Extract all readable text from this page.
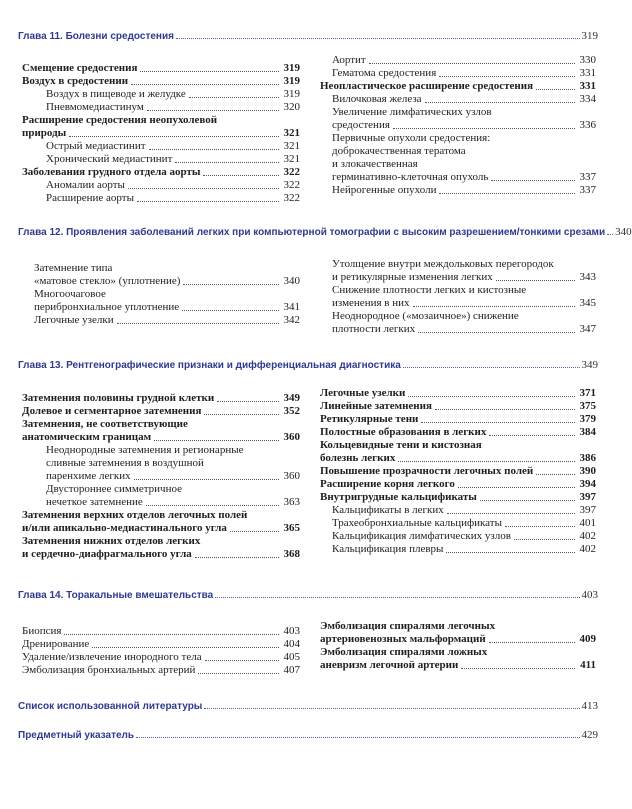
Глава 11. Болезни средостения	319
Смещение средостения	319
Воздух в средостении	319
Воздух в пищеводе и желудке	319
Пневмомедиастинум	320
Расширение средостения неопухолевой
природы	321
Острый медиастинит	321
Хронический медиастинит	321
Заболевания грудного отдела аорты	322
Аномалии аорты	322
Расширение аорты	322
Аортит	330
Гематома средостения	331
Неопластическое расширение средостения	331
Вилочковая железа	334
Увеличение лимфатических узлов
средостения	336
Первичные опухоли средостения:
доброкачественная тератома
и злокачественная
герминативно-клеточная опухоль	337
Нейрогенные опухоли	337
Глава 12. Проявления заболеваний легких при компьютерной томографии с высоким разрешением/тонкими срезами 340
Затемнение типа
«матовое стекло» (уплотнение)	340
Многоочаговое
перибронхиальное уплотнение	341
Легочные узелки	342
Утолщение внутри междольковых перегородок
и ретикулярные изменения легких	343
Снижение плотности легких и кистозные
изменения в них	345
Неоднородное («мозаичное») снижение
плотности легких	347
Глава 13. Рентгенографические признаки и дифференциальная диагностика	349
Затемнения половины грудной клетки	349
Долевое и сегментарное затемнения	352
Затемнения, не соответствующие
анатомическим границам	360
Неоднородные затемнения и регионарные
сливные затемнения в воздушной
паренхиме легких	360
Двустороннее симметричное
нечеткое затемнение	363
Затемнения верхних отделов легочных полей
и/или апикально-медиастинального угла	365
Затемнения нижних отделов легких
и сердечно-диафрагмального угла	368
Легочные узелки	371
Линейные затемнения	375
Ретикулярные тени	379
Полостные образования в легких	384
Кольцевидные тени и кистозная
болезнь легких	386
Повышение прозрачности легочных полей	390
Расширение корня легкого	394
Внутригрудные кальцификаты	397
Кальцификаты в легких	397
Трахеобронхиальные кальцификаты	401
Кальцификация лимфатических узлов	402
Кальцификация плевры	402
Глава 14. Торакальные вмешательства	403
Биопсия	403
Дренирование	404
Удаление/извлечение инородного тела	405
Эмболизация бронхиальных артерий	407
Эмболизация спиралями легочных
артериовенозных мальформаций	409
Эмболизация спиралями ложных
аневризм легочной артерии	411
Список использованной литературы	413
Предметный указатель	429
